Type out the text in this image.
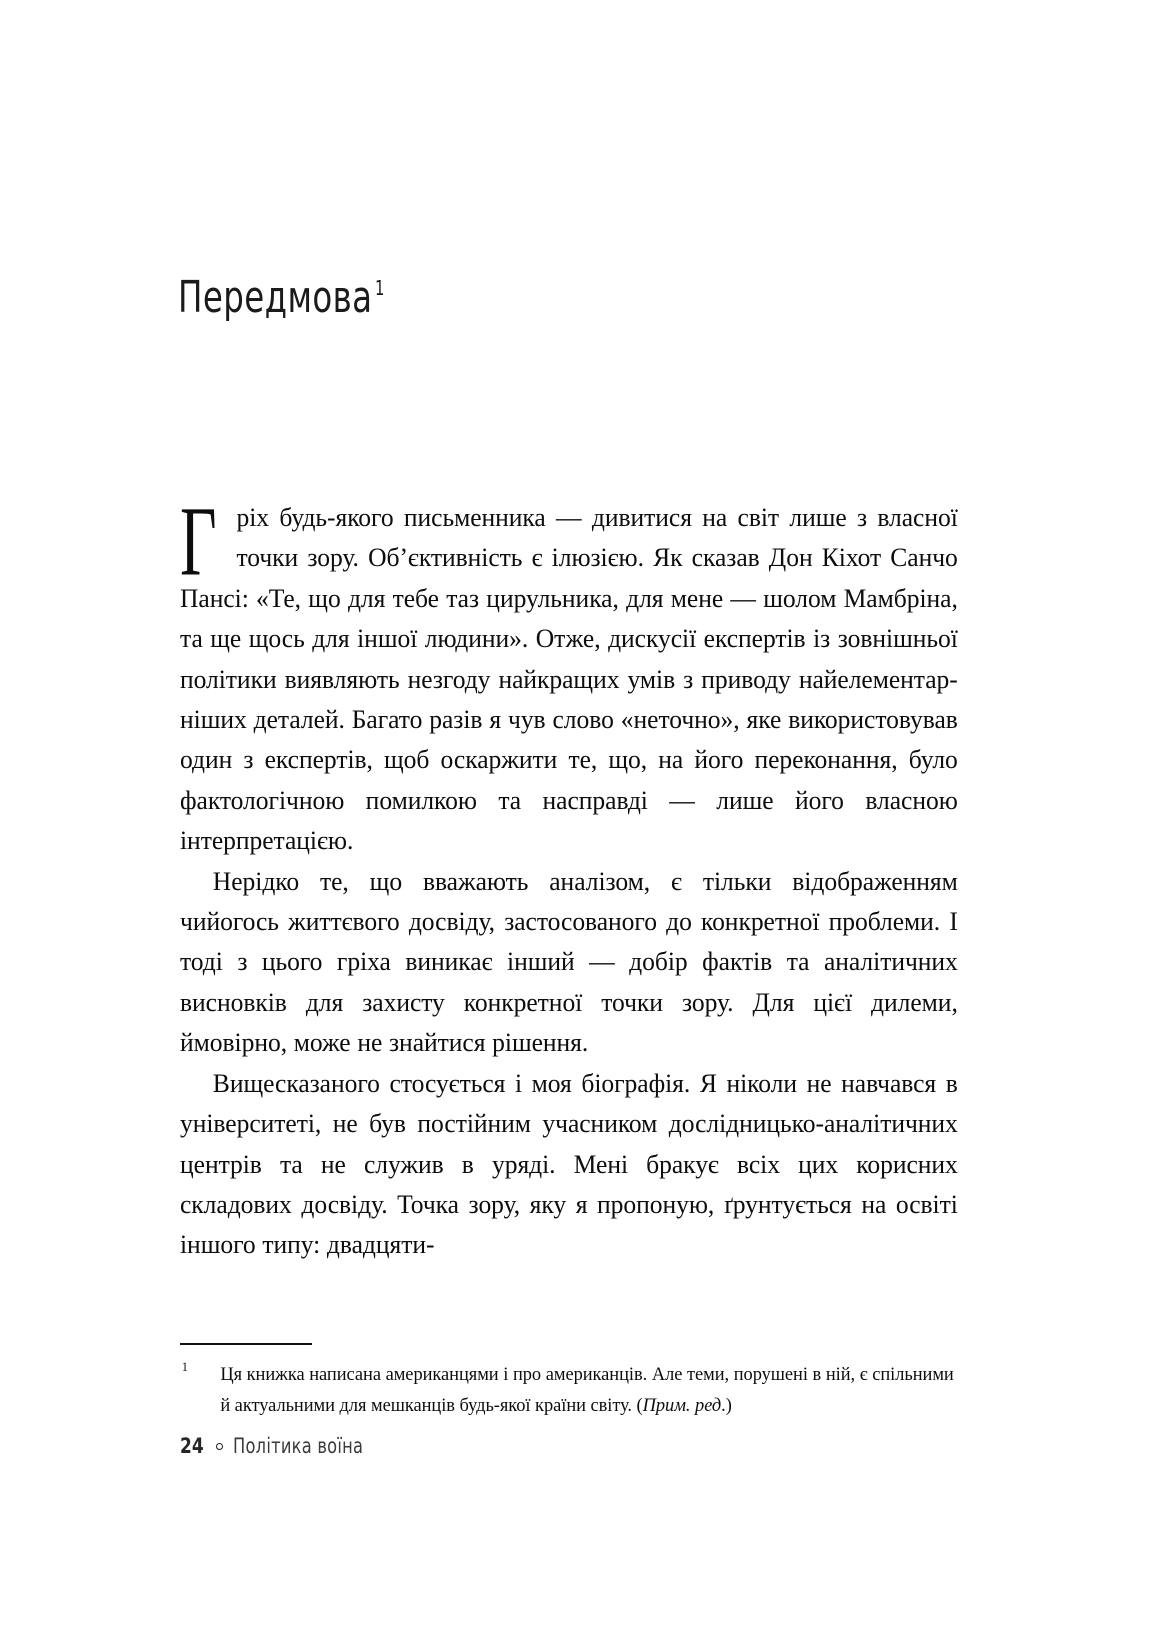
Передмова $^1$

Гріх будь-якого письменника — дивитися на світ лише з власної точки зору. Об’єктивність є ілюзією. Як сказав Дон Кіхот Санчо Пансі: «Те, що для тебе таз цирульника, для мене — шолом Мамбріна, та ще щось для іншої людини». Отже, дискусії експертів із зовнішньої політики виявляють незгоду найкращих умів з приводу найелементарніших деталей. Багато разів я чув слово «неточно», яке використовував один з експертів, щоб оскаржити те, що, на його переконання, було фактологічною помилкою та насправді — лише його власною інтерпретацією.

Нерідко те, що вважають аналізом, є тільки відображенням чийогось життєвого досвіду, застосованого до конкретної проблеми. І тоді з цього гріха виникає інший — добір фактів та аналітичних висновків для захисту конкретної точки зору. Для цієї дилеми, ймовірно, може не знайтися рішення.

Вищесказаного стосується і моя біографія. Я ніколи не навчався в університеті, не був постійним учасником дослідницько-аналітичних центрів та не служив в уряді. Мені бракує всіх цих корисних складових досвіду. Точка зору, яку я пропоную, ґрунтується на освіті іншого типу: двадцяти-

1	Ця книжка написана американцями і про американців. Але теми, порушені в ній, є спільними й актуальними для мешканців будь-якої країни світу. (Прим. ред.)
24 Політика воїна
